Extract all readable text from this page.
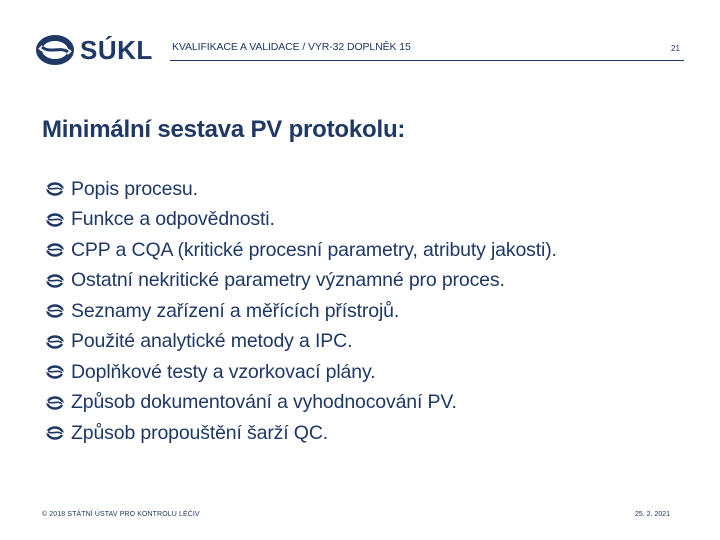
SÚKL KVALIFIKACE A VALIDACE / VYR-32 DOPLNĚK 15	21
Minimální sestava PV protokolu:
Popis procesu.
Funkce a odpovědnosti.
CPP a CQA (kritické procesní parametry, atributy jakosti).
Ostatní nekritické parametry významné pro proces.
Seznamy zařízení a měřících přístrojů.
Použité analytické metody a IPC.
Doplňkové testy a vzorkovací plány.
Způsob dokumentování a vyhodnocování PV.
Způsob propouštění šarží QC.
© 2018 STÁTNÍ ÚSTAV PRO KONTROLU LÉČIV	25. 2. 2021
